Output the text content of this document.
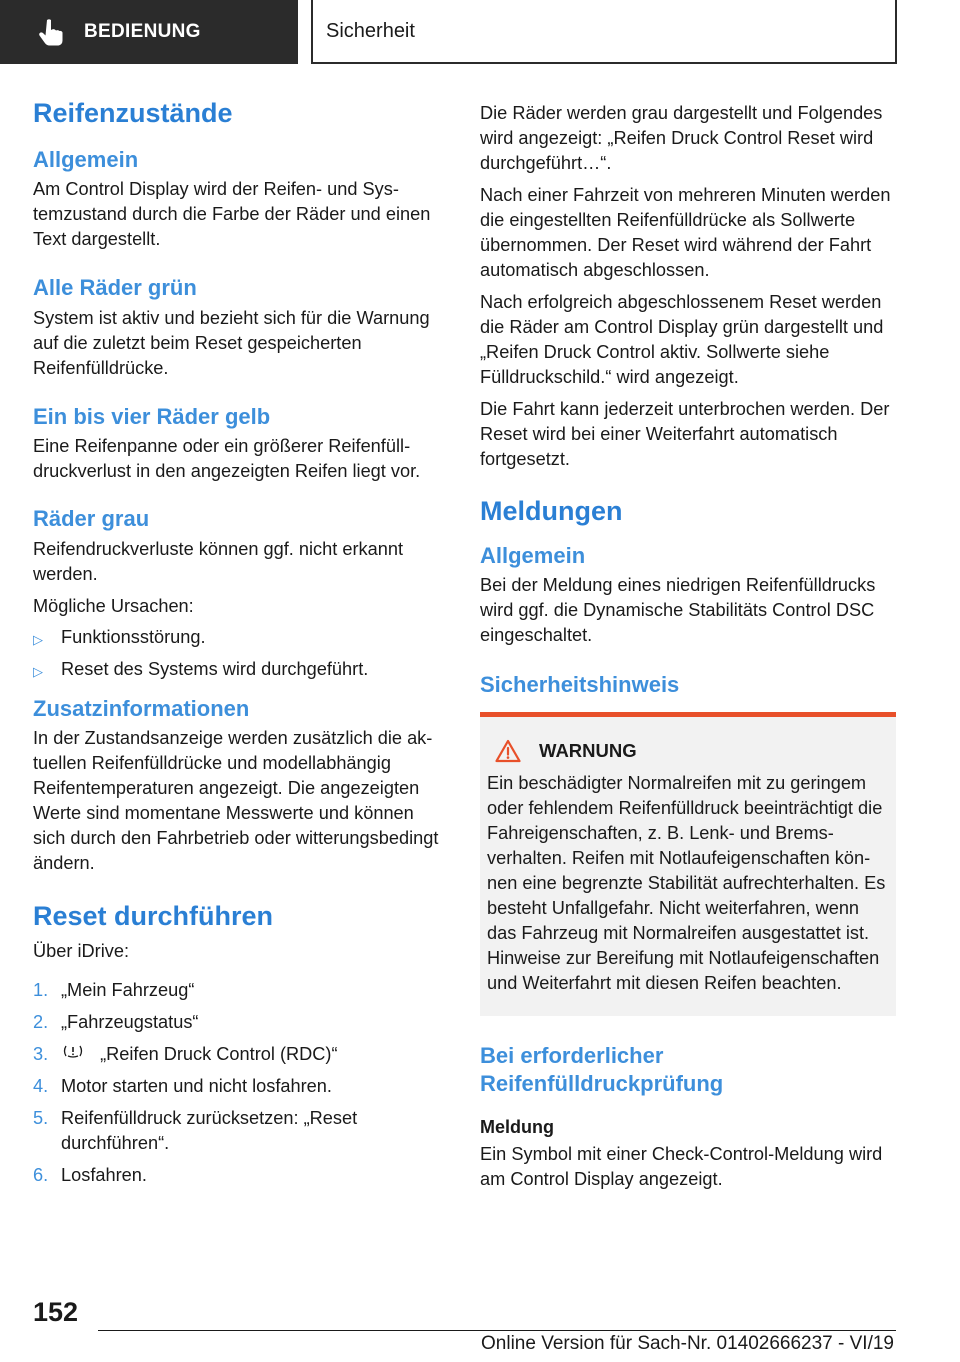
BEDIENUNG	Sicherheit
Reifenzustände
Allgemein

Am Control Display wird der Reifen- und Systemzustand durch die Farbe der Räder und einen Text dargestellt.

Alle Räder grün

System ist aktiv und bezieht sich für die Warnung auf die zuletzt beim Reset gespeicherten Reifenfülldrücke.

Ein bis vier Räder gelb

Eine Reifenpanne oder ein größerer Reifenfülldruckverlust in den angezeigten Reifen liegt vor.

Räder grau

Reifendruckverluste können ggf. nicht erkannt werden.

Mögliche Ursachen:

▷ Funktionsstörung.
▷ Reset des Systems wird durchgeführt.
Zusatzinformationen

In der Zustandsanzeige werden zusätzlich die aktuellen Reifenfülldrücke und modellabhängig Reifentemperaturen angezeigt. Die angezeigten Werte sind momentane Messwerte und können sich durch den Fahrbetrieb oder witterungsbedingt ändern.

Reset durchführen

Über iDrive:

1. „Mein Fahrzeug“
2. „Fahrzeugstatus“
3.	„Reifen Druck Control (RDC)“
4. Motor starten und nicht losfahren.
5. Reifenfülldruck zurücksetzen: „Reset durchführen“.
6. Losfahren.

Die Räder werden grau dargestellt und Folgendes wird angezeigt: „Reifen Druck Control Reset wird durchgeführt…“.

Nach einer Fahrzeit von mehreren Minuten werden die eingestellten Reifenfülldrücke als Sollwerte übernommen. Der Reset wird während der Fahrt automatisch abgeschlossen.

Nach erfolgreich abgeschlossenem Reset werden die Räder am Control Display grün dargestellt und „Reifen Druck Control aktiv. Sollwerte siehe Fülldruckschild.“ wird angezeigt.

Die Fahrt kann jederzeit unterbrochen werden. Der Reset wird bei einer Weiterfahrt automatisch fortgesetzt.

Meldungen
Allgemein

Bei der Meldung eines niedrigen Reifenfülldrucks wird ggf. die Dynamische Stabilitäts Control DSC eingeschaltet.

Sicherheitshinweis
WARNUNG

Ein beschädigter Normalreifen mit zu geringem oder fehlendem Reifenfülldruck beeinträchtigt die Fahreigenschaften, z. B. Lenk- und Bremsverhalten. Reifen mit Notlaufeigenschaften können eine begrenzte Stabilität aufrechterhalten. Es besteht Unfallgefahr. Nicht weiterfahren, wenn das Fahrzeug mit Normalreifen ausgestattet ist. Hinweise zur Bereifung mit Notlaufeigenschaften und Weiterfahrt mit diesen Reifen beachten.

Bei erforderlicher Reifenfülldruckprüfung
Meldung

Ein Symbol mit einer Check-Control-Meldung wird am Control Display angezeigt.

152
Online Version für Sach-Nr. 01402666237 - VI/19
